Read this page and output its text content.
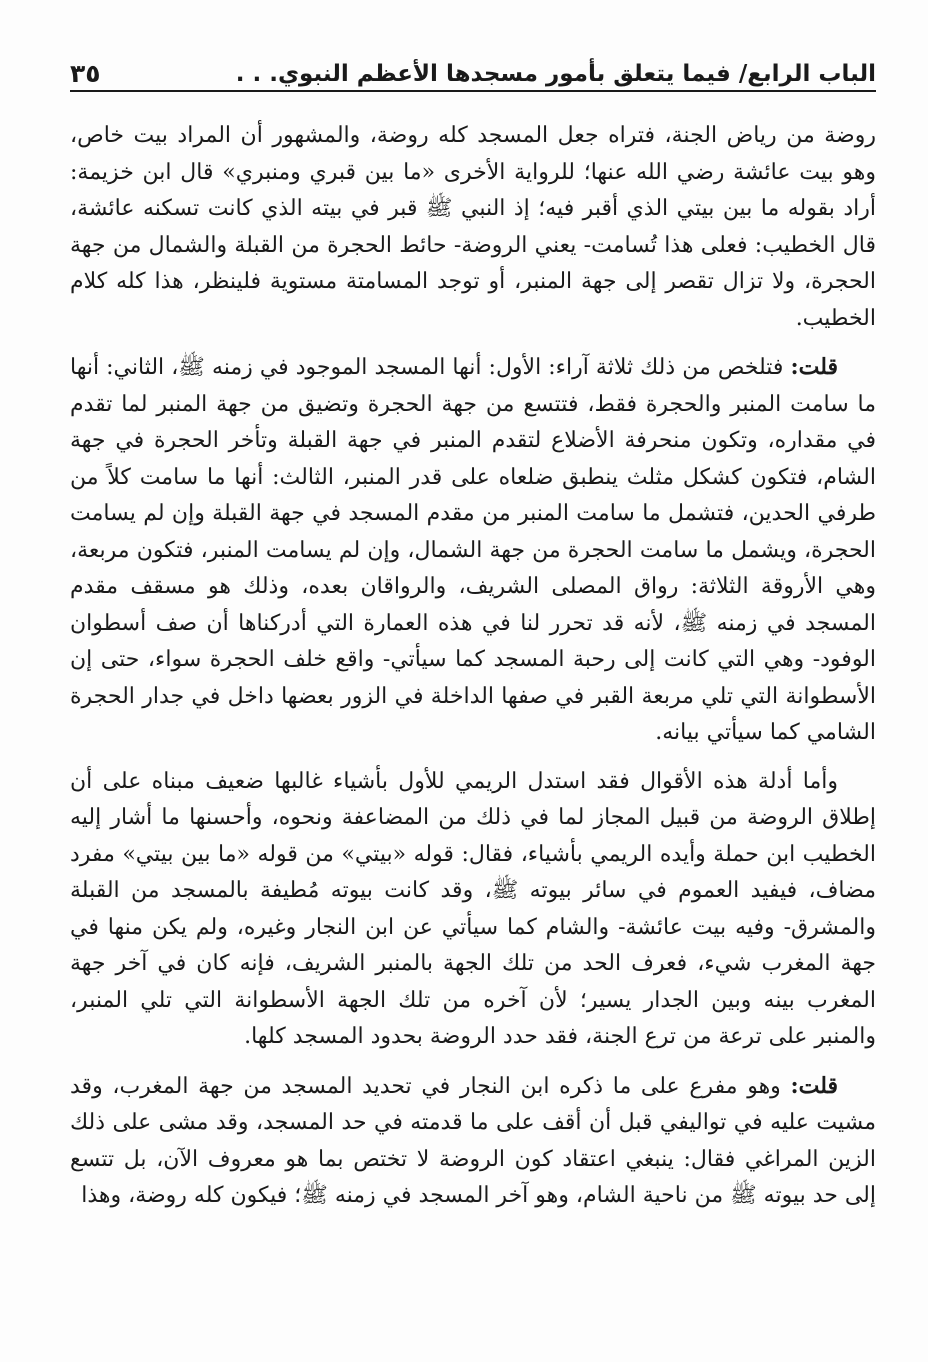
الباب الرابع/ فيما يتعلق بأمور مسجدها الأعظم النبوي. . .
٣٥

روضة من رياض الجنة، فتراه جعل المسجد كله روضة، والمشهور أن المراد بيت خاص، وهو بيت عائشة رضي الله عنها؛ للرواية الأخرى «ما بين قبري ومنبري» قال ابن خزيمة: أراد بقوله ما بين بيتي الذي أقبر فيه؛ إذ النبي ﷺ قبر في بيته الذي كانت تسكنه عائشة، قال الخطيب: فعلى هذا تُسامت- يعني الروضة- حائط الحجرة من القبلة والشمال من جهة الحجرة، ولا تزال تقصر إلى جهة المنبر، أو توجد المسامتة مستوية فلينظر، هذا كله كلام الخطيب.

قلت: فتلخص من ذلك ثلاثة آراء: الأول: أنها المسجد الموجود في زمنه ﷺ، الثاني: أنها ما سامت المنبر والحجرة فقط، فتتسع من جهة الحجرة وتضيق من جهة المنبر لما تقدم في مقداره، وتكون منحرفة الأضلاع لتقدم المنبر في جهة القبلة وتأخر الحجرة في جهة الشام، فتكون كشكل مثلث ينطبق ضلعاه على قدر المنبر، الثالث: أنها ما سامت كلاً من طرفي الحدين، فتشمل ما سامت المنبر من مقدم المسجد في جهة القبلة وإن لم يسامت الحجرة، ويشمل ما سامت الحجرة من جهة الشمال، وإن لم يسامت المنبر، فتكون مربعة، وهي الأروقة الثلاثة: رواق المصلى الشريف، والرواقان بعده، وذلك هو مسقف مقدم المسجد في زمنه ﷺ، لأنه قد تحرر لنا في هذه العمارة التي أدركناها أن صف أسطوان الوفود- وهي التي كانت إلى رحبة المسجد كما سيأتي- واقع خلف الحجرة سواء، حتى إن الأسطوانة التي تلي مربعة القبر في صفها الداخلة في الزور بعضها داخل في جدار الحجرة الشامي كما سيأتي بيانه.

وأما أدلة هذه الأقوال فقد استدل الريمي للأول بأشياء غالبها ضعيف مبناه على أن إطلاق الروضة من قبيل المجاز لما في ذلك من المضاعفة ونحوه، وأحسنها ما أشار إليه الخطيب ابن حملة وأيده الريمي بأشياء، فقال: قوله «بيتي» من قوله «ما بين بيتي» مفرد مضاف، فيفيد العموم في سائر بيوته ﷺ، وقد كانت بيوته مُطيفة بالمسجد من القبلة والمشرق- وفيه بيت عائشة- والشام كما سيأتي عن ابن النجار وغيره، ولم يكن منها في جهة المغرب شيء، فعرف الحد من تلك الجهة بالمنبر الشريف، فإنه كان في آخر جهة المغرب بينه وبين الجدار يسير؛ لأن آخره من تلك الجهة الأسطوانة التي تلي المنبر، والمنبر على ترعة من ترع الجنة، فقد حدد الروضة بحدود المسجد كلها.

قلت: وهو مفرع على ما ذكره ابن النجار في تحديد المسجد من جهة المغرب، وقد مشيت عليه في توالیفي قبل أن أقف على ما قدمته في حد المسجد، وقد مشى على ذلك الزين المراغي فقال: ينبغي اعتقاد كون الروضة لا تختص بما هو معروف الآن، بل تتسع إلى حد بيوته ﷺ من ناحية الشام، وهو آخر المسجد في زمنه ﷺ؛ فيكون كله روضة، وهذا
